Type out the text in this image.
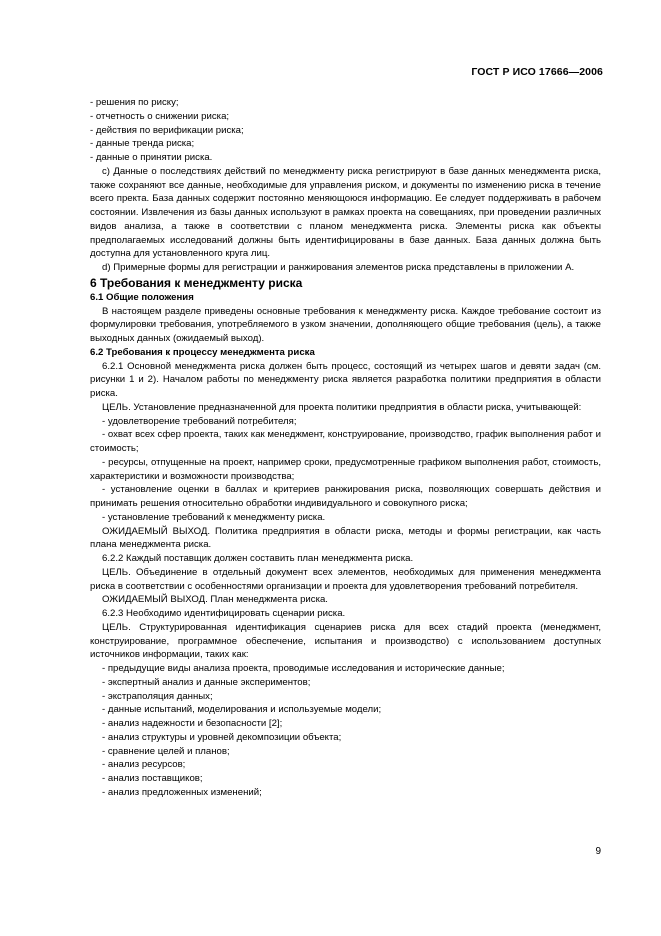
ГОСТ Р ИСО 17666—2006

- решения по риску;

- отчетность о снижении риска;

- действия по верификации риска;

- данные тренда риска;

- данные о принятии риска.

c) Данные о последствиях действий по менеджменту риска регистрируют в базе данных менеджмента риска, также сохраняют все данные, необходимые для управления риском, и документы по изменению риска в течение всего пректа. База данных содержит постоянно меняющоюся информацию. Ее следует поддерживать в рабочем состоянии. Извлечения из базы данных используют в рамках проекта на совещаниях, при проведении различных видов анализа, а также в соответствии с планом менеджмента риска. Элементы риска как объекты предполагаемых исследований должны быть идентифицированы в базе данных. База данных должна быть доступна для установленного круга лиц.

d) Примерные формы для регистрации и ранжирования элементов риска представлены в приложении А.

6 Требования к менеджменту риска

6.1 Общие положения

В настоящем разделе приведены основные требования к менеджменту риска. Каждое требование состоит из формулировки требования, употребляемого в узком значении, дополняющего общие требования (цель), а также выходных данных (ожидаемый выход).

6.2 Требования к процессу менеджмента риска

6.2.1 Основной менеджмента риска должен быть процесс, состоящий из четырех шагов и девяти задач (см. рисунки 1 и 2). Началом работы по менеджменту риска является разработка политики предприятия в области риска.

ЦЕЛЬ. Установление предназначенной для проекта политики предприятия в области риска, учитывающей:

- удовлетворение требований потребителя;

- охват всех сфер проекта, таких как менеджмент, конструирование, производство, график выполнения работ и стоимость;

- ресурсы, отпущенные на проект, например сроки, предусмотренные графиком выполнения работ, стоимость, характеристики и возможности производства;

- установление оценки в баллах и критериев ранжирования риска, позволяющих совершать действия и принимать решения относительно обработки индивидуального и совокупного риска;

- установление требований к менеджменту риска.

ОЖИДАЕМЫЙ ВЫХОД. Политика предприятия в области риска, методы и формы регистрации, как часть плана менеджмента риска.

6.2.2 Каждый поставщик должен составить план менеджмента риска.

ЦЕЛЬ. Объединение в отдельный документ всех элементов, необходимых для применения менеджмента риска в соответствии с особенностями организации и проекта для удовлетворения требований потребителя.

ОЖИДАЕМЫЙ ВЫХОД. План менеджмента риска.

6.2.3 Необходимо идентифицировать сценарии риска.

ЦЕЛЬ. Структурированная идентификация сценариев риска для всех стадий проекта (менеджмент, конструирование, программное обеспечение, испытания и производство) с использованием доступных источников информации, таких как:

- предыдущие виды анализа проекта, проводимые исследования и исторические данные;

- экспертный анализ и данные экспериментов;

- экстраполяция данных;

- данные испытаний, моделирования и используемые модели;

- анализ надежности и безопасности [2];

- анализ структуры и уровней декомпозиции объекта;

- сравнение целей и планов;

- анализ ресурсов;

- анализ поставщиков;

- анализ предложенных изменений;

9
